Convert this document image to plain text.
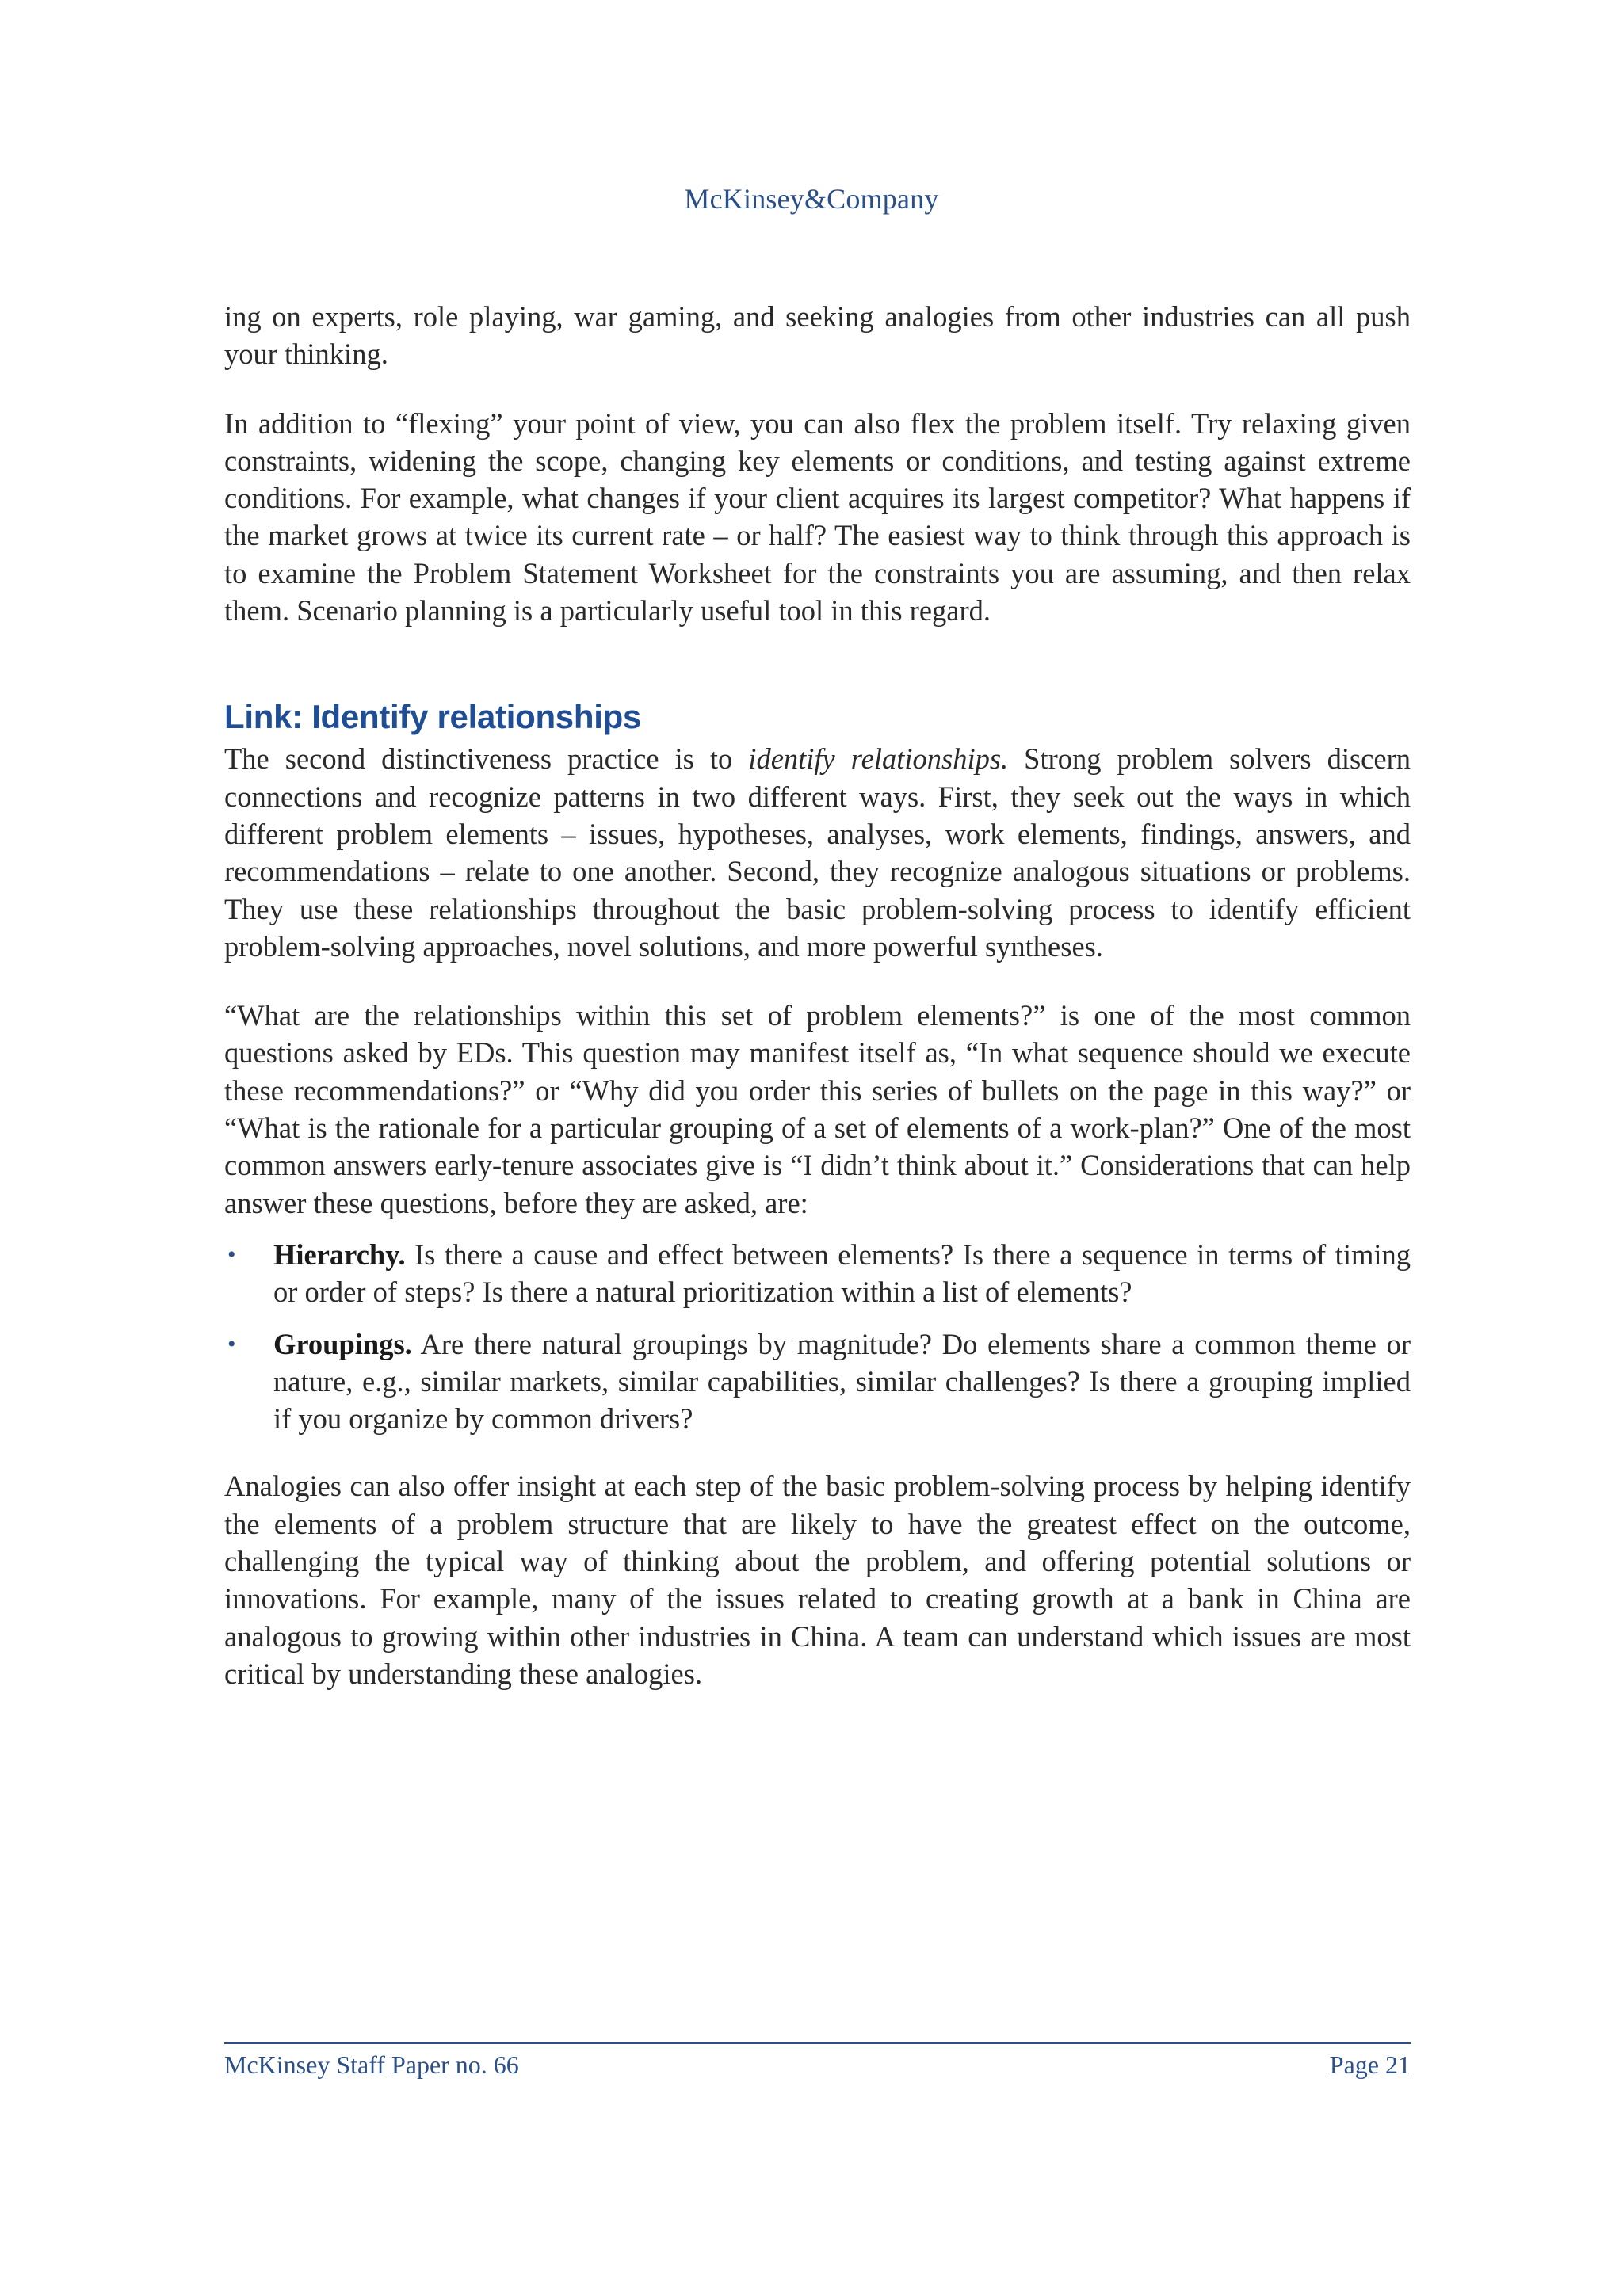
McKinsey&Company

ing on experts, role playing, war gaming, and seeking analogies from other industries can all push your thinking.

In addition to “flexing” your point of view, you can also flex the problem itself. Try relaxing given constraints, widening the scope, changing key elements or conditions, and testing against extreme conditions. For example, what changes if your client acquires its largest competitor? What happens if the market grows at twice its current rate – or half? The easiest way to think through this approach is to examine the Problem Statement Worksheet for the constraints you are assuming, and then relax them. Scenario planning is a particularly useful tool in this regard.

Link: Identify relationships

The second distinctiveness practice is to identify relationships. Strong problem solvers discern connections and recognize patterns in two different ways. First, they seek out the ways in which different problem elements – issues, hypotheses, analyses, work elements, findings, answers, and recommendations – relate to one another. Second, they recognize analogous situations or problems. They use these relationships throughout the basic problem-solving process to identify efficient problem-solving approaches, novel solutions, and more powerful syntheses.

“What are the relationships within this set of problem elements?” is one of the most common questions asked by EDs. This question may manifest itself as, “In what sequence should we execute these recommendations?” or “Why did you order this series of bullets on the page in this way?” or “What is the rationale for a particular grouping of a set of elements of a work-plan?” One of the most common answers early-tenure associates give is “I didn’t think about it.” Considerations that can help answer these questions, before they are asked, are:

• Hierarchy. Is there a cause and effect between elements? Is there a sequence in terms of timing or order of steps? Is there a natural prioritization within a list of elements?
• Groupings. Are there natural groupings by magnitude? Do elements share a common theme or nature, e.g., similar markets, similar capabilities, similar challenges? Is there a grouping implied if you organize by common drivers?

Analogies can also offer insight at each step of the basic problem-solving process by helping identify the elements of a problem structure that are likely to have the greatest effect on the outcome, challenging the typical way of thinking about the problem, and offering potential solutions or innovations. For example, many of the issues related to creating growth at a bank in China are analogous to growing within other industries in China. A team can understand which issues are most critical by understanding these analogies.

McKinsey Staff Paper no. 66	Page 21
